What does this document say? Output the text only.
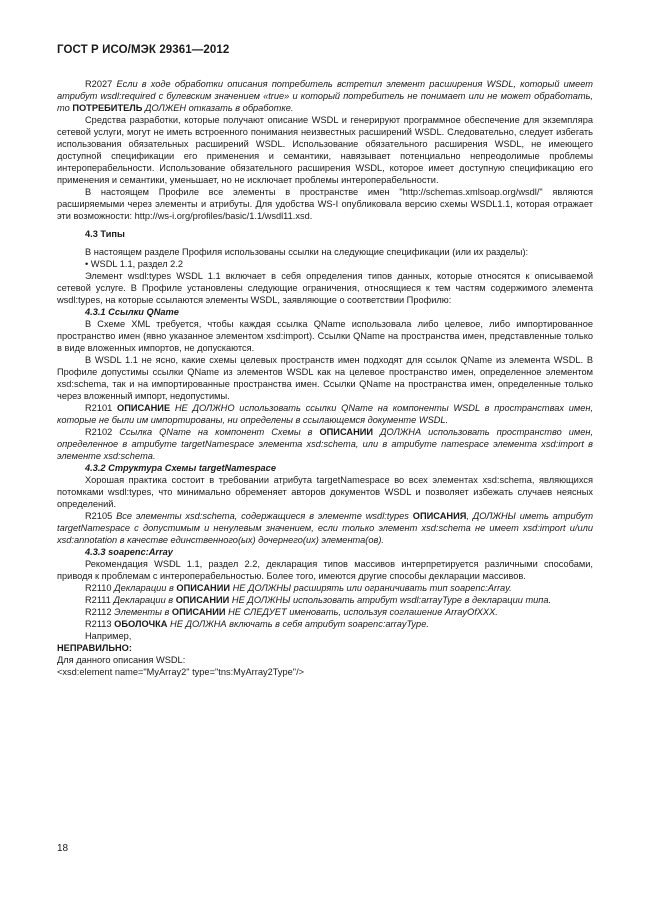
ГОСТ Р ИСО/МЭК 29361—2012

R2027 Если в ходе обработки описания потребитель встретил элемент расширения WSDL, который имеет атрибут wsdl:required с булевским значением «true» и который потребитель не понимает или не может обработать, то ПОТРЕБИТЕЛЬ ДОЛЖЕН отказать в обработке.

Средства разработки, которые получают описание WSDL и генерируют программное обеспечение для экземпляра сетевой услуги, могут не иметь встроенного понимания неизвестных расширений WSDL. Следовательно, следует избегать использования обязательных расширений WSDL. Использование обязательного расширения WSDL, не имеющего доступной спецификации его применения и семантики, навязывает потенциально непреодолимые проблемы интероперабельности. Использование обязательного расширения WSDL, которое имеет доступную спецификацию его применения и семантики, уменьшает, но не исключает проблемы интероперабельности.

В настоящем Профиле все элементы в пространстве имен "http://schemas.xmlsoap.org/wsdl/" являются расширяемыми через элементы и атрибуты. Для удобства WS-I опубликовала версию схемы WSDL1.1, которая отражает эти возможности: http://ws-i.org/profiles/basic/1.1/wsdl11.xsd.

4.3 Типы

В настоящем разделе Профиля использованы ссылки на следующие спецификации (или их разделы):

• WSDL 1.1, раздел 2.2

Элемент wsdl:types WSDL 1.1 включает в себя определения типов данных, которые относятся к описываемой сетевой услуге. В Профиле установлены следующие ограничения, относящиеся к тем частям содержимого элемента wsdl:types, на которые ссылаются элементы WSDL, заявляющие о соответствии Профилю:

4.3.1 Ссылки QName

В Схеме XML требуется, чтобы каждая ссылка QName использовала либо целевое, либо импортированное пространство имен (явно указанное элементом xsd:import). Ссылки QName на пространства имен, представленные только в виде вложенных импортов, не допускаются.

В WSDL 1.1 не ясно, какие схемы целевых пространств имен подходят для ссылок QName из элемента WSDL. В Профиле допустимы ссылки QName из элементов WSDL как на целевое пространство имен, определенное элементом xsd:schema, так и на импортированные пространства имен. Ссылки QName на пространства имен, определенные только через вложенный импорт, недопустимы.

R2101 ОПИСАНИЕ НЕ ДОЛЖНО использовать ссылки QName на компоненты WSDL в пространствах имен, которые не были им импортированы, ни определены в ссылающемся документе WSDL.

R2102 Ссылка QName на компонент Схемы в ОПИСАНИИ ДОЛЖНА использовать пространство имен, определенное в атрибуте targetNamespace элемента xsd:schema, или в атрибуте namespace элемента xsd:import в элементе xsd:schema.

4.3.2 Структура Схемы targetNamespace

Хорошая практика состоит в требовании атрибута targetNamespace во всех элементах xsd:schema, являющихся потомками wsdl:types, что минимально обременяет авторов документов WSDL и позволяет избежать случаев неясных определений.

R2105 Все элементы xsd:schema, содержащиеся в элементе wsdl:types ОПИСАНИЯ, ДОЛЖНЫ иметь атрибут targetNamespace с допустимым и ненулевым значением, если только элемент xsd:schema не имеет xsd:import и/или xsd:annotation в качестве единственного(ых) дочернего(их) элемента(ов).

4.3.3 soapenc:Array

Рекомендация WSDL 1.1, раздел 2.2, декларация типов массивов интерпретируется различными способами, приводя к проблемам с интероперабельностью. Более того, имеются другие способы декларации массивов.

R2110 Декларации в ОПИСАНИИ НЕ ДОЛЖНЫ расширять или ограничивать тип soapenc:Array.

R2111 Декларации в ОПИСАНИИ НЕ ДОЛЖНЫ использовать атрибут wsdl:arrayType в декларации типа.

R2112 Элементы в ОПИСАНИИ НЕ СЛЕДУЕТ именовать, используя соглашение ArrayOfXXX.

R2113 ОБОЛОЧКА НЕ ДОЛЖНА включать в себя атрибут soapenc:arrayType.

Например,

НЕПРАВИЛЬНО:

Для данного описания WSDL:

<xsd:element name="MyArray2" type="tns:MyArray2Type"/>

18
